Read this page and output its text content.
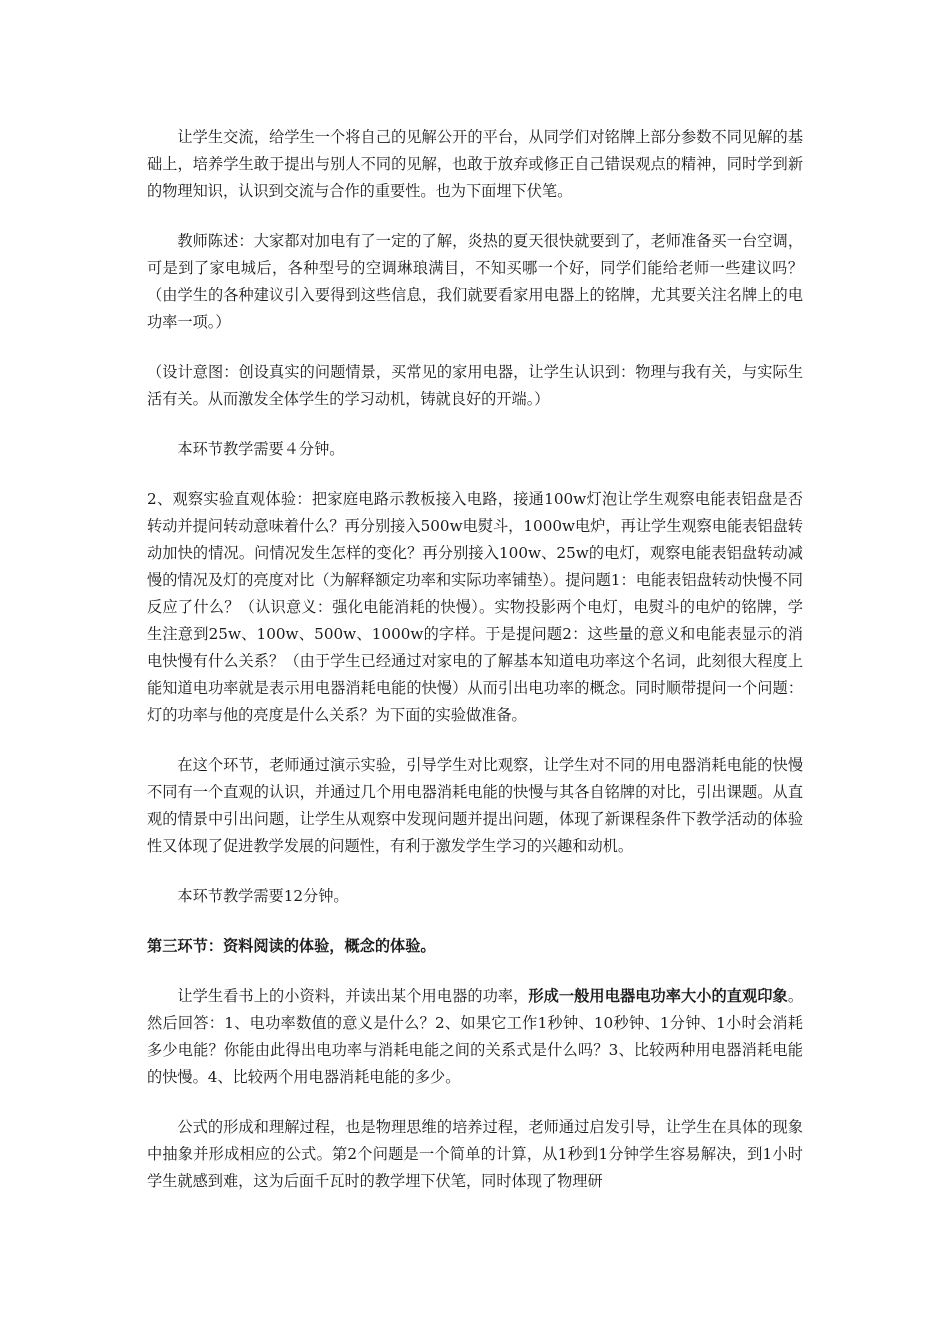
让学生交流，给学生一个将自己的见解公开的平台，从同学们对铭牌上部分参数不同见解的基础上，培养学生敢于提出与别人不同的见解，也敢于放弃或修正自己错误观点的精神，同时学到新的物理知识，认识到交流与合作的重要性。也为下面埋下伏笔。

教师陈述：大家都对加电有了一定的了解，炎热的夏天很快就要到了，老师准备买一台空调，可是到了家电城后，各种型号的空调琳琅满目，不知买哪一个好，同学们能给老师一些建议吗？（由学生的各种建议引入要得到这些信息，我们就要看家用电器上的铭牌，尤其要关注名牌上的电功率一项。）

（设计意图：创设真实的问题情景，买常见的家用电器，让学生认识到：物理与我有关，与实际生活有关。从而激发全体学生的学习动机，铸就良好的开端。）

本环节教学需要４分钟。

2、观察实验直观体验：把家庭电路示教板接入电路，接通100w灯泡让学生观察电能表铝盘是否转动并提问转动意味着什么？再分别接入500w电熨斗，1000w电炉，再让学生观察电能表铝盘转动加快的情况。问情况发生怎样的变化？再分别接入100w、25w的电灯，观察电能表铝盘转动减慢的情况及灯的亮度对比（为解释额定功率和实际功率铺垫）。提问题1：电能表铝盘转动快慢不同反应了什么？（认识意义：强化电能消耗的快慢）。实物投影两个电灯，电熨斗的电炉的铭牌，学生注意到25w、100w、500w、1000w的字样。于是提问题2：这些量的意义和电能表显示的消电快慢有什么关系？（由于学生已经通过对家电的了解基本知道电功率这个名词，此刻很大程度上能知道电功率就是表示用电器消耗电能的快慢）从而引出电功率的概念。同时顺带提问一个问题：灯的功率与他的亮度是什么关系？为下面的实验做准备。

在这个环节，老师通过演示实验，引导学生对比观察，让学生对不同的用电器消耗电能的快慢不同有一个直观的认识，并通过几个用电器消耗电能的快慢与其各自铭牌的对比，引出课题。从直观的情景中引出问题，让学生从观察中发现问题并提出问题，体现了新课程条件下教学活动的体验性又体现了促进教学发展的问题性，有利于激发学生学习的兴趣和动机。

本环节教学需要12分钟。

第三环节：资料阅读的体验，概念的体验。

让学生看书上的小资料，并读出某个用电器的功率，形成一般用电器电功率大小的直观印象。然后回答：1、电功率数值的意义是什么？2、如果它工作1秒钟、10秒钟、1分钟、1小时会消耗多少电能？你能由此得出电功率与消耗电能之间的关系式是什么吗？3、比较两种用电器消耗电能的快慢。4、比较两个用电器消耗电能的多少。

公式的形成和理解过程，也是物理思维的培养过程，老师通过启发引导，让学生在具体的现象中抽象并形成相应的公式。第2个问题是一个简单的计算，从1秒到1分钟学生容易解决，到1小时学生就感到难，这为后面千瓦时的教学埋下伏笔，同时体现了物理研
